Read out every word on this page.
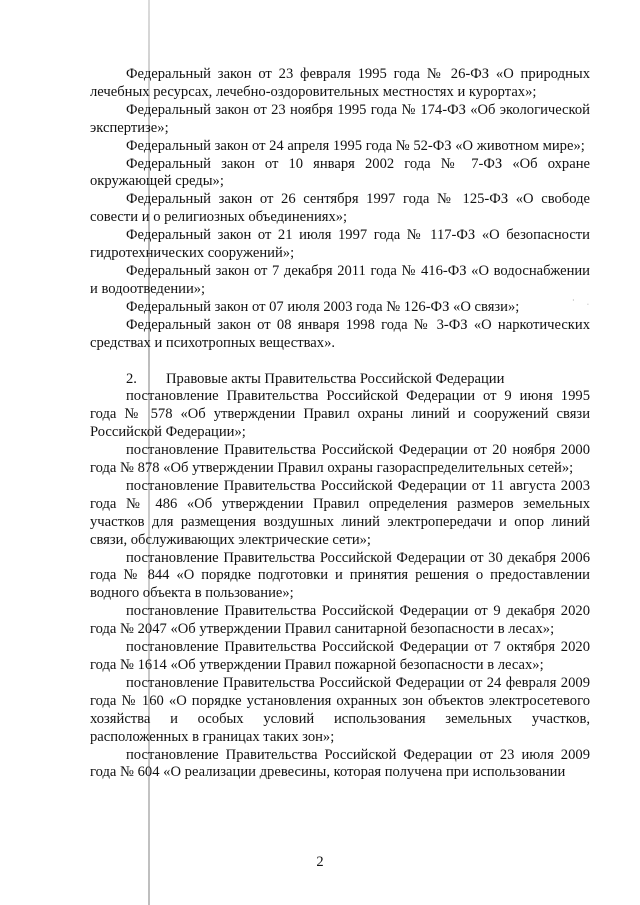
· ˌ

Федеральный закон от 23 февраля 1995 года № 26-ФЗ «О природных лечебных ресурсах, лечебно-оздоровительных местностях и курортах»;

Федеральный закон от 23 ноября 1995 года № 174-ФЗ «Об экологической экспертизе»;

Федеральный закон от 24 апреля 1995 года № 52-ФЗ «О животном мире»;

Федеральный закон от 10 января 2002 года № 7-ФЗ «Об охране окружающей среды»;

Федеральный закон от 26 сентября 1997 года № 125-ФЗ «О свободе совести и о религиозных объединениях»;

Федеральный закон от 21 июля 1997 года № 117-ФЗ «О безопасности гидротехнических сооружений»;

Федеральный закон от 7 декабря 2011 года № 416-ФЗ «О водоснабжении и водоотведении»;

Федеральный закон от 07 июля 2003 года № 126-ФЗ «О связи»;

Федеральный закон от 08 января 1998 года № 3-ФЗ «О наркотических средствах и психотропных веществах».

2. Правовые акты Правительства Российской Федерации

постановление Правительства Российской Федерации от 9 июня 1995 года № 578 «Об утверждении Правил охраны линий и сооружений связи Российской Федерации»;

постановление Правительства Российской Федерации от 20 ноября 2000 года № 878 «Об утверждении Правил охраны газораспределительных сетей»;

постановление Правительства Российской Федерации от 11 августа 2003 года № 486 «Об утверждении Правил определения размеров земельных участков для размещения воздушных линий электропередачи и опор линий связи, обслуживающих электрические сети»;

постановление Правительства Российской Федерации от 30 декабря 2006 года № 844 «О порядке подготовки и принятия решения о предоставлении водного объекта в пользование»;

постановление Правительства Российской Федерации от 9 декабря 2020 года № 2047 «Об утверждении Правил санитарной безопасности в лесах»;

постановление Правительства Российской Федерации от 7 октября 2020 года № 1614 «Об утверждении Правил пожарной безопасности в лесах»;

постановление Правительства Российской Федерации от 24 февраля 2009 года № 160 «О порядке установления охранных зон объектов электросетевого хозяйства и особых условий использования земельных участков, расположенных в границах таких зон»;

постановление Правительства Российской Федерации от 23 июля 2009 года № 604 «О реализации древесины, которая получена при использовании

2
